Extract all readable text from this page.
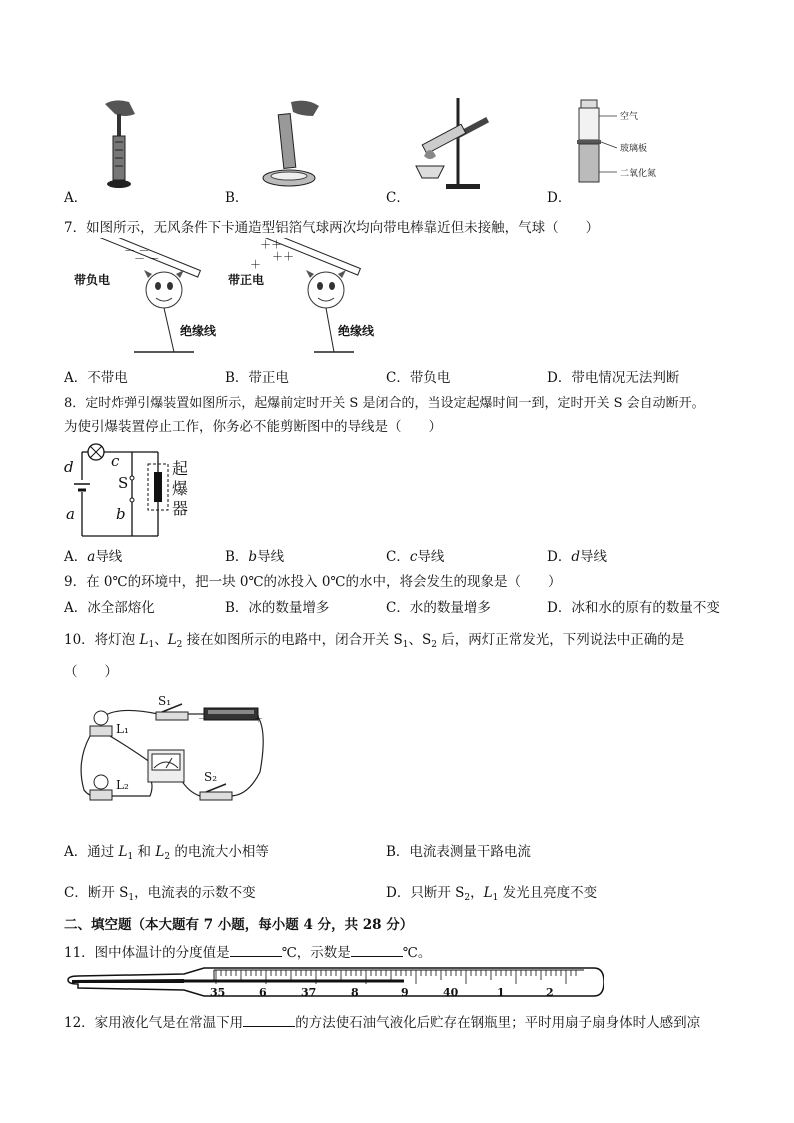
空气
玻璃板
二氧化氮
A．	B．	C．	D．
7．如图所示，无风条件下卡通造型铝箔气球两次均向带电棒靠近但未接触，气球（　　）
－ －
－ －
＋＋
＋＋
＋
带负电
绝缘线
带正电
绝缘线
A．不带电	B．带正电	C．带负电	D．带电情况无法判断
8．定时炸弹引爆装置如图所示，起爆前定时开关 S 是闭合的，当设定起爆时间一到，定时开关 S 会自动断开。
为使引爆装置停止工作，你务必不能剪断图中的导线是（　　）
d c
S
a	b
起
爆
器
A．a导线	B．b导线	C．c导线	D．d导线
9．在 0℃的环境中，把一块 0℃的冰投入 0℃的水中，将会发生的现象是（　　）
A．冰全部熔化	B．冰的数量增多	C．水的数量增多	D．冰和水的原有的数量不变
10．将灯泡 $L_1$、$L_2$ 接在如图所示的电路中，闭合开关 $S_1$、$S_2$ 后，两灯正常发光，下列说法中正确的是
（　　）
S₁
L₁
L₂
S₂
－	＋
A．通过 $L_1$ 和 $L_2$ 的电流大小相等	B．电流表测量干路电流
C．断开 $S_1$，电流表的示数不变	D．只断开 $S_2$，$L_1$ 发光且亮度不变
二、填空题（本大题有 7 小题，每小题 4 分，共 28 分）
11．图中体温计的分度值是	℃，示数是	℃。
35	6	37	8	9	40	1	2
12．家用液化气是在常温下用	的方法使石油气液化后贮存在钢瓶里；平时用扇子扇身体时人感到凉
